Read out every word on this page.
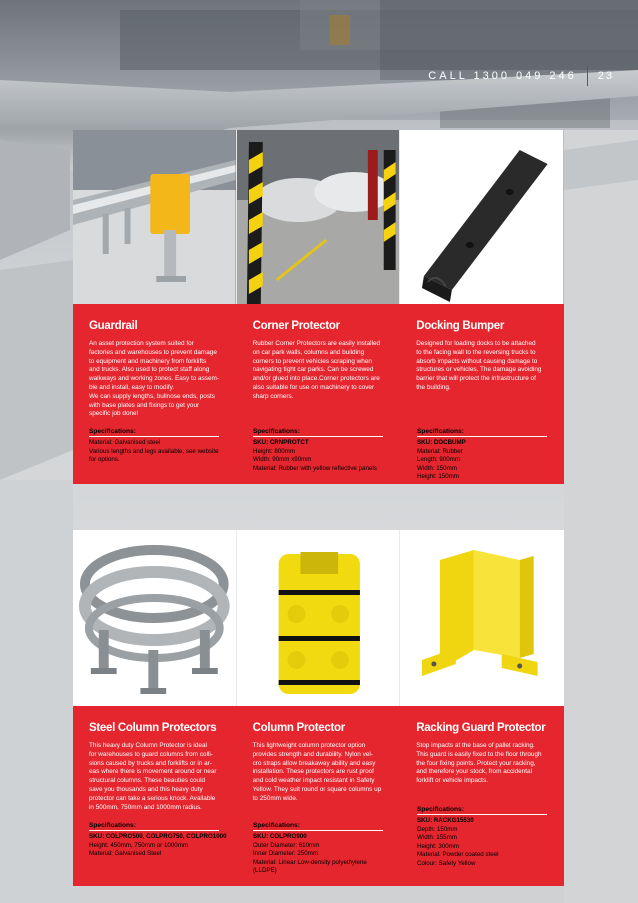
CALL 1300 049 246 23
Guardrail

An asset protection system suited for
factories and warehouses to prevent damage
to equipment and machinery from forklifts
and trucks. Also used to protect staff along
walkways and working zones. Easy to assem-
ble and install, easy to modify.
We can supply lengths, bullnose ends, posts
with base plates and fixings to get your
specific job done!

Corner Protector

Rubber Corner Protectors are easily installed
on car park walls, columns and building
corners to prevent vehicles scraping when
navigating tight car parks. Can be screwed
and/or glued into place.Corner protectors are
also suitable for use on machinery to cover
sharp corners.

Docking Bumper

Designed for loading docks to be attached
to the facing wall to the reversing trucks to
absorb impacts without causing damage to
structures or vehicles. The damage avoiding
barrier that will protect the infrastructure of
the building.

Specifications:
Material: Galvanised steel
Various lengths and legs available, see website
for options.
Specifications:
SKU: CRNPROTCT
Height: 800mm
Width: 90mm x90mm
Material: Rubber with yellow reflective panels
Specifications:
SKU: DOCBUMP
Material: Rubber
Length: 900mm
Width: 150mm
Height: 150mm
Steel Column Protectors

This heavy duty Column Protector is ideal
for warehouses to guard columns from colli-
sions caused by trucks and forklifts or in ar-
eas where there is movement around or near
structural columns. These beauties could
save you thousands and this heavy duty
protector can take a serious knock. Available
in 500mm, 750mm and 1000mm radius.

Column Protector

This lightweight column protector option
provides strength and durability. Nylon vel-
cro straps allow breakaway ability and easy
installation. These protectors are rust proof
and cold weather impact resistant in Safety
Yellow. They suit round or square columns up
to 250mm wide.

Racking Guard Protector

Stop impacts at the base of pallet racking.
This guard is easily fixed to the floor through
the four fixing points. Protect your racking,
and therefore your stock, from accidental
forklift or vehicle impacts.

Specifications:
SKU: COLPRO500, COLPRO750, COLPRO1000
Height: 450mm, 750mm or 1000mm
Material: Galvanised Steel
Specifications:
SKU: COLPRO900
Outer Diameter: 610mm
Inner Diameter: 250mm
Material: Linear Low-density polyethylene
(LLDPE)
Specifications:
SKU: RACKG15530
Depth: 150mm
Width: 155mm
Height: 300mm
Material: Powder coated steel
Colour: Safety Yellow
